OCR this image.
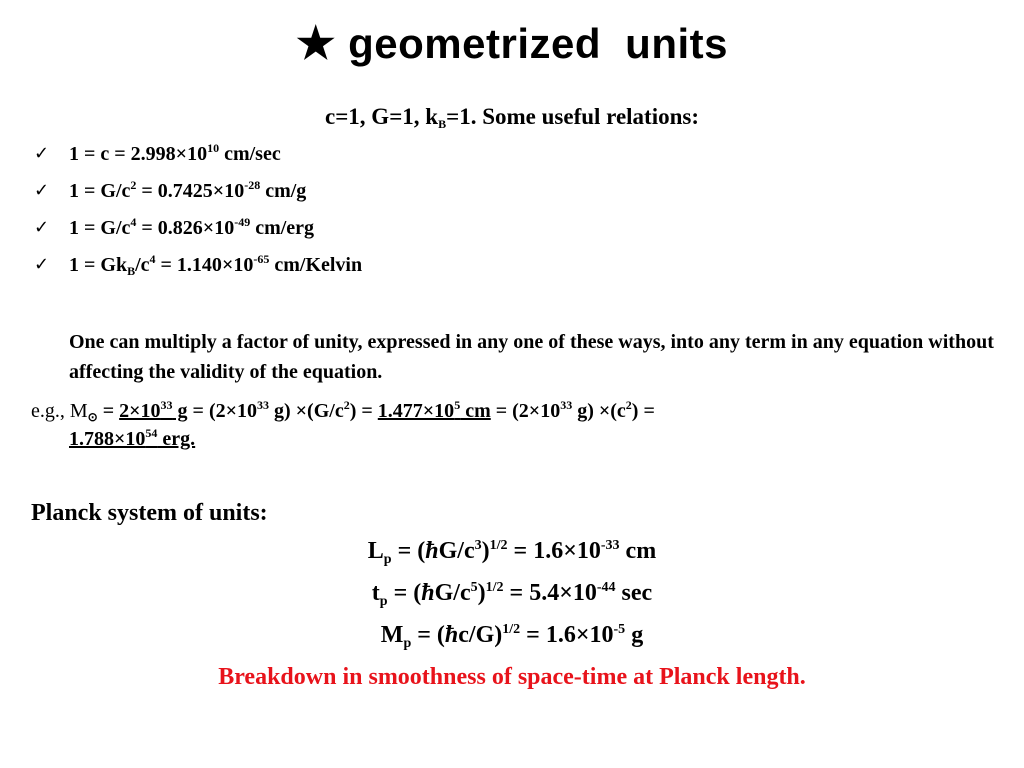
★ geometrized units
c=1, G=1, $k_B=1$. Some useful relations:
✓ $1 = c = 2.998\times 10^{10}$ cm/sec
✓ $1 = G/c^2 = 0.7425\times 10^{-28}$ cm/g
✓ $1 = G/c^4 = 0.826\times 10^{-49}$ cm/erg
✓ $1 = Gk_B/c^4 = 1.140\times 10^{-65}$ cm/Kelvin
One can multiply a factor of unity, expressed in any one of these ways, into any term in any equation without affecting the validity of the equation.
e.g., $M_⊙ = 2\times 10^{33}$ $g = (2\times 10^{33}$ $g) \times(G/c^2) = 1.477\times 10^5$ cm = ($2\times 10^{33}$ $g) \times(c^2)$ =
$1.788\times 10^{54}$ erg.
Planck system of units:
$L_p$ = $(ħG/c^3)^{1/2} = 1.6\times 10^{-33}$ cm
$t_p$ = $(ħG/c^5)^{1/2} = 5.4\times 10^{-44}$ sec
$M_p$ = (ħc/G)$^{1/2}$ = $1.6\times 10^{-5}$ g
Breakdown in smoothness of space-time at Planck length.
